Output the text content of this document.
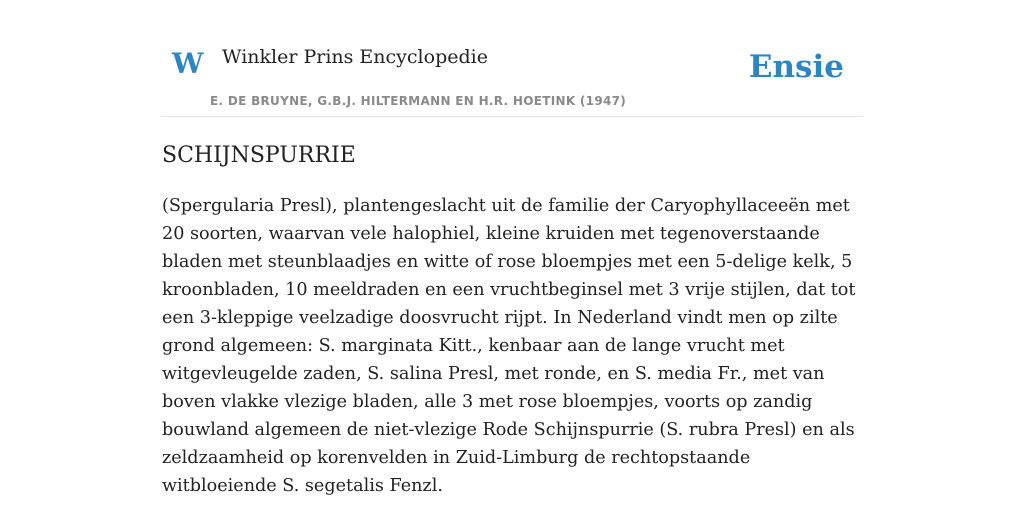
W Winkler Prins Encyclopedie	Ensie
E. DE BRUYNE, G.B.J. HILTERMANN EN H.R. HOETINK (1947)
SCHIJNSPURRIE

(Spergularia Presl), plantengeslacht uit de familie der Caryophyllaceeën met 20 soorten, waarvan vele halophiel, kleine kruiden met tegenoverstaande bladen met steunblaadjes en witte of rose bloempjes met een 5-delige kelk, 5 kroonbladen, 10 meeldraden en een vruchtbeginsel met 3 vrije stijlen, dat tot een 3-kleppige veelzadige doosvrucht rijpt. In Nederland vindt men op zilte grond algemeen: S. marginata Kitt., kenbaar aan de lange vrucht met witgevleugelde zaden, S. salina Presl, met ronde, en S. media Fr., met van boven vlakke vlezige bladen, alle 3 met rose bloempjes, voorts op zandig bouwland algemeen de niet-vlezige Rode Schijnspurrie (S. rubra Presl) en als zeldzaamheid op korenvelden in Zuid-Limburg de rechtopstaande witbloeiende S. segetalis Fenzl.
